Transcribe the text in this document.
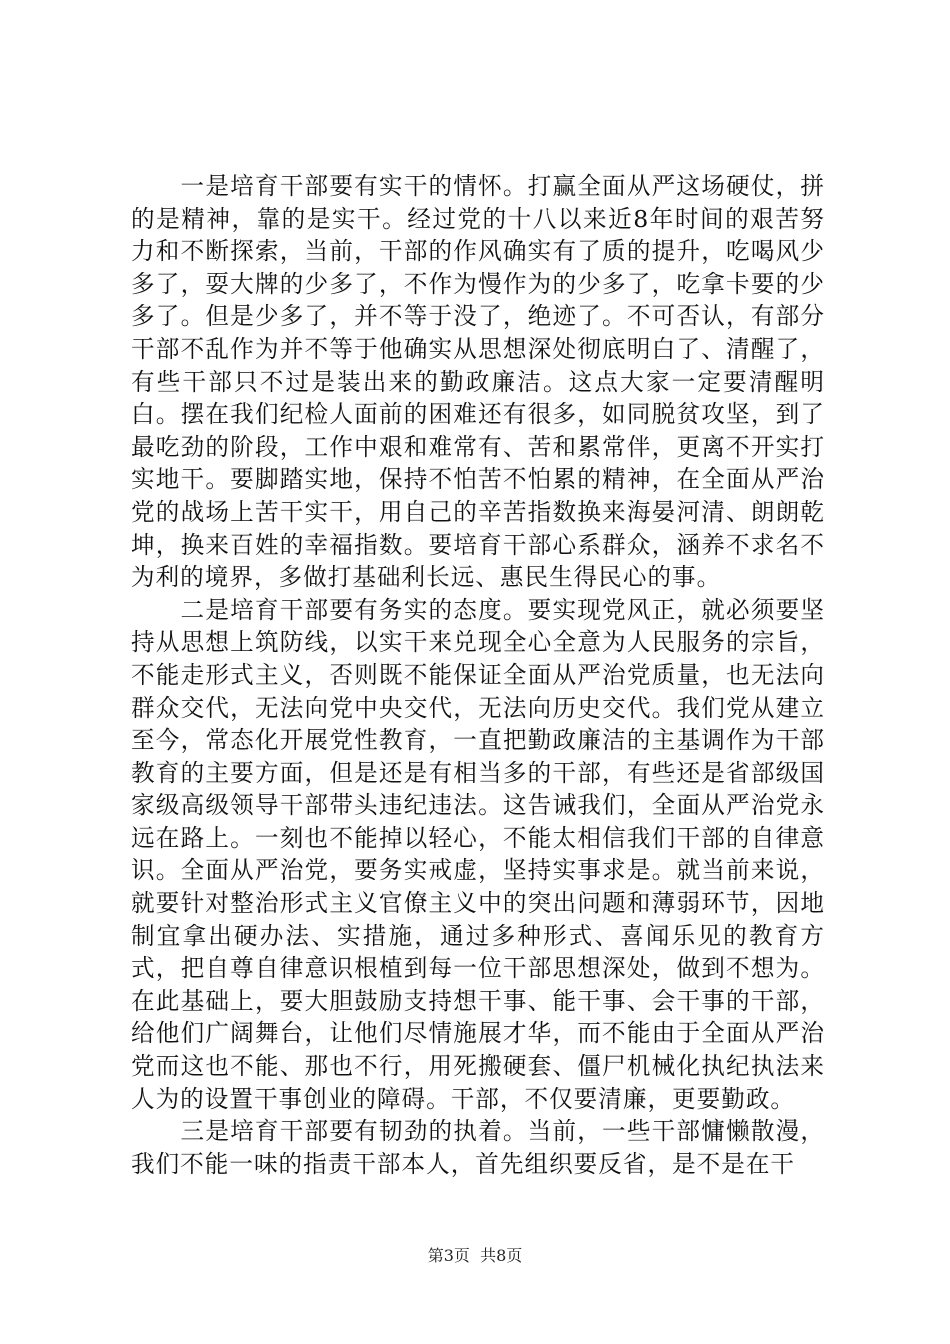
一是培育干部要有实干的情怀。打赢全面从严这场硬仗，拼的是精神，靠的是实干。经过党的十八以来近8年时间的艰苦努力和不断探索，当前，干部的作风确实有了质的提升，吃喝风少多了，耍大牌的少多了，不作为慢作为的少多了，吃拿卡要的少多了。但是少多了，并不等于没了，绝迹了。不可否认，有部分干部不乱作为并不等于他确实从思想深处彻底明白了、清醒了，有些干部只不过是装出来的勤政廉洁。这点大家一定要清醒明白。摆在我们纪检人面前的困难还有很多，如同脱贫攻坚，到了最吃劲的阶段，工作中艰和难常有、苦和累常伴，更离不开实打实地干。要脚踏实地，保持不怕苦不怕累的精神，在全面从严治党的战场上苦干实干，用自己的辛苦指数换来海晏河清、朗朗乾坤，换来百姓的幸福指数。要培育干部心系群众，涵养不求名不为利的境界，多做打基础利长远、惠民生得民心的事。

二是培育干部要有务实的态度。要实现党风正，就必须要坚持从思想上筑防线，以实干来兑现全心全意为人民服务的宗旨，不能走形式主义，否则既不能保证全面从严治党质量，也无法向群众交代，无法向党中央交代，无法向历史交代。我们党从建立至今，常态化开展党性教育，一直把勤政廉洁的主基调作为干部教育的主要方面，但是还是有相当多的干部，有些还是省部级国家级高级领导干部带头违纪违法。这告诫我们，全面从严治党永远在路上。一刻也不能掉以轻心，不能太相信我们干部的自律意识。全面从严治党，要务实戒虚，坚持实事求是。就当前来说，就要针对整治形式主义官僚主义中的突出问题和薄弱环节，因地制宜拿出硬办法、实措施，通过多种形式、喜闻乐见的教育方式，把自尊自律意识根植到每一位干部思想深处，做到不想为。在此基础上，要大胆鼓励支持想干事、能干事、会干事的干部，给他们广阔舞台，让他们尽情施展才华，而不能由于全面从严治党而这也不能、那也不行，用死搬硬套、僵尸机械化执纪执法来人为的设置干事创业的障碍。干部，不仅要清廉，更要勤政。

三是培育干部要有韧劲的执着。当前，一些干部慵懒散漫，我们不能一味的指责干部本人，首先组织要反省，是不是在干

第3页 共8页
